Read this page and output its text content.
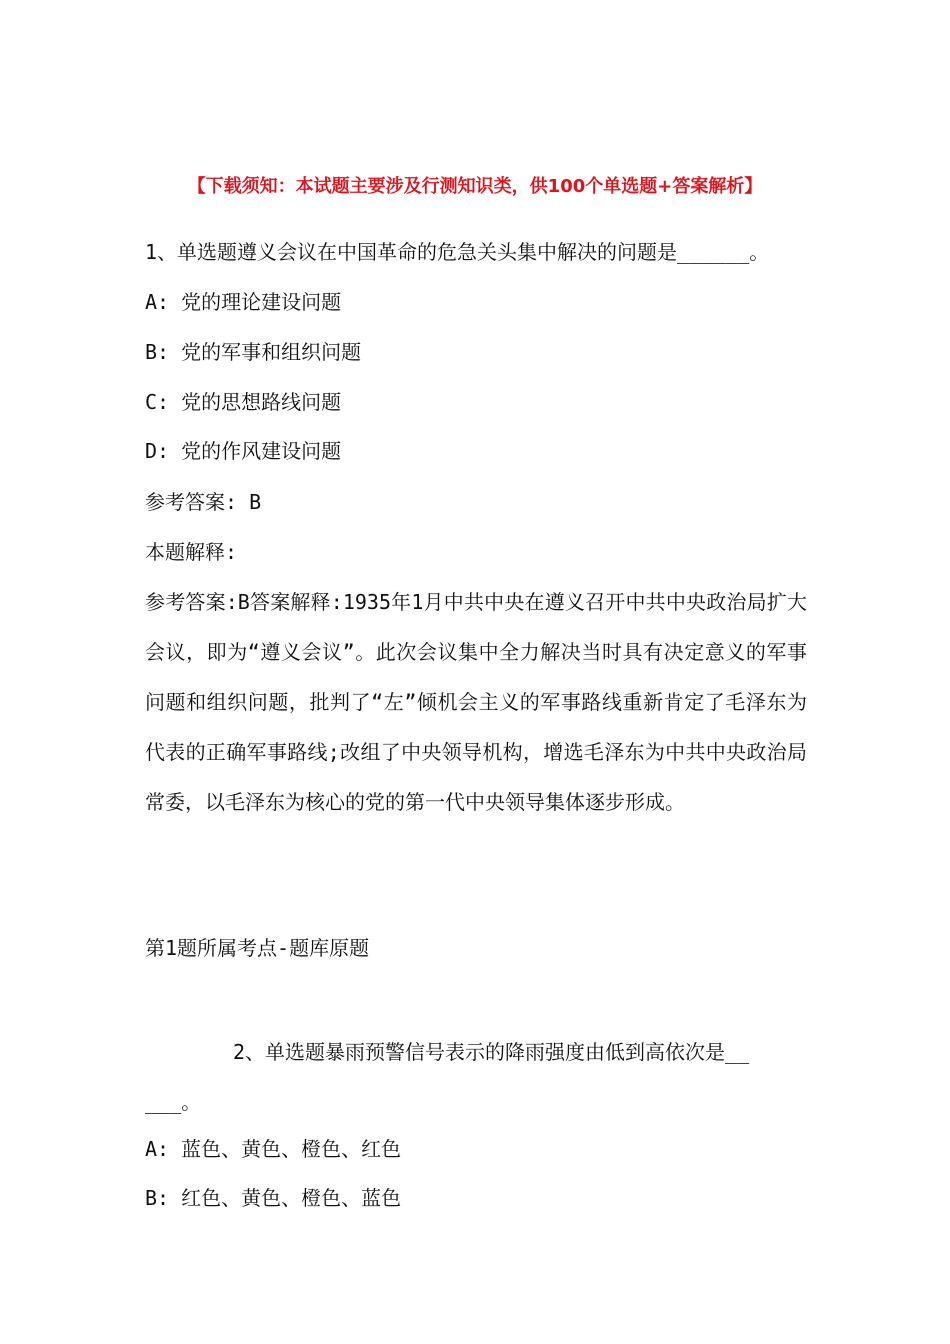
【下载须知：本试题主要涉及行测知识类，供100个单选题+答案解析】
1、单选题遵义会议在中国革命的危急关头集中解决的问题是______。
A: 党的理论建设问题
B: 党的军事和组织问题
C: 党的思想路线问题
D: 党的作风建设问题
参考答案: B
本题解释:
参考答案:B答案解释:1935年1月中共中央在遵义召开中共中央政治局扩大会议，即为“遵义会议”。此次会议集中全力解决当时具有决定意义的军事问题和组织问题，批判了“左”倾机会主义的军事路线重新肯定了毛泽东为代表的正确军事路线;改组了中央领导机构，增选毛泽东为中共中央政治局常委，以毛泽东为核心的党的第一代中央领导集体逐步形成。
第1题所属考点-题库原题
2、单选题暴雨预警信号表示的降雨强度由低到高依次是__
___。
A: 蓝色、黄色、橙色、红色
B: 红色、黄色、橙色、蓝色
